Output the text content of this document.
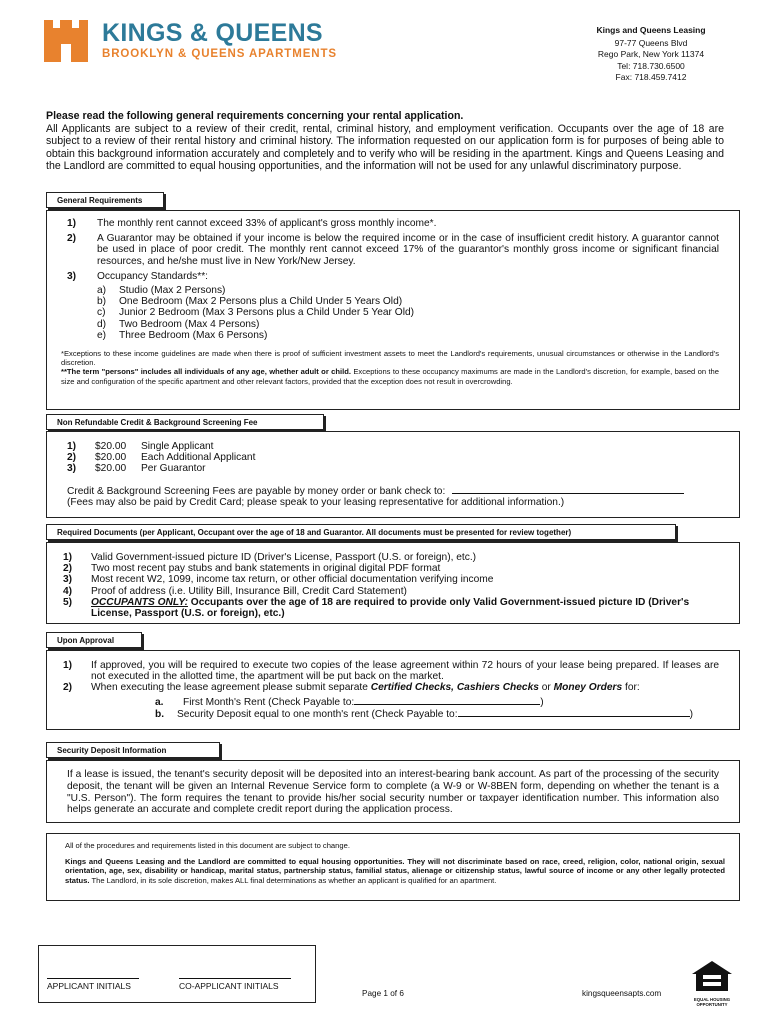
KINGS & QUEENS
BROOKLYN & QUEENS APARTMENTS
Kings and Queens Leasing
97-77 Queens Blvd
Rego Park, New York 11374
Tel: 718.730.6500
Fax: 718.459.7412
Please read the following general requirements concerning your rental application.
All Applicants are subject to a review of their credit, rental, criminal history, and employment verification. Occupants over the age of 18 are subject to a review of their rental history and criminal history. The information requested on our application form is for purposes of being able to obtain this background information accurately and completely and to verify who will be residing in the apartment. Kings and Queens Leasing and the Landlord are committed to equal housing opportunities, and the information will not be used for any unlawful discriminatory purpose.
General Requirements
1)	The monthly rent cannot exceed 33% of applicant's gross monthly income*.
2)	A Guarantor may be obtained if your income is below the required income or in the case of insufficient credit history. A guarantor cannot be used in place of poor credit. The monthly rent cannot exceed 17% of the guarantor's monthly gross income or significant financial resources, and he/she must live in New York/New Jersey.
3)	Occupancy Standards**:
a)	Studio (Max 2 Persons)
b)	One Bedroom (Max 2 Persons plus a Child Under 5 Years Old)
c)	Junior 2 Bedroom (Max 3 Persons plus a Child Under 5 Year Old)
d)	Two Bedroom (Max 4 Persons)
e)	Three Bedroom (Max 6 Persons)
*Exceptions to these income guidelines are made when there is proof of sufficient investment assets to meet the Landlord's requirements, unusual circumstances or otherwise in the Landlord's discretion.
**The term "persons" includes all individuals of any age, whether adult or child. Exceptions to these occupancy maximums are made in the Landlord's discretion, for example, based on the size and configuration of the specific apartment and other relevant factors, provided that the exception does not result in overcrowding.
Non Refundable Credit & Background Screening Fee
1)	$20.00	Single Applicant
2)	$20.00	Each Additional Applicant
3)	$20.00	Per Guarantor
Credit & Background Screening Fees are payable by money order or bank check to:
(Fees may also be paid by Credit Card; please speak to your leasing representative for additional information.)
Required Documents (per Applicant, Occupant over the age of 18 and Guarantor. All documents must be presented for review together)
1)	Valid Government-issued picture ID (Driver's License, Passport (U.S. or foreign), etc.)
2)	Two most recent pay stubs and bank statements in original digital PDF format
3)	Most recent W2, 1099, income tax return, or other official documentation verifying income
4)	Proof of address (i.e. Utility Bill, Insurance Bill, Credit Card Statement)
5)	OCCUPANTS ONLY: Occupants over the age of 18 are required to provide only Valid Government-issued picture ID (Driver's License, Passport (U.S. or foreign), etc.)
Upon Approval
1)	If approved, you will be required to execute two copies of the lease agreement within 72 hours of your lease being prepared. If leases are not executed in the allotted time, the apartment will be put back on the market.
2)	When executing the lease agreement please submit separate Certified Checks, Cashiers Checks or Money Orders for:
a. First Month's Rent (Check Payable to:	)
b. Security Deposit equal to one month's rent (Check Payable to:	)
Security Deposit Information
If a lease is issued, the tenant's security deposit will be deposited into an interest-bearing bank account. As part of the processing of the security deposit, the tenant will be given an Internal Revenue Service form to complete (a W-9 or W-8BEN form, depending on whether the tenant is a "U.S. Person"). The form requires the tenant to provide his/her social security number or taxpayer identification number. This information also helps generate an accurate and complete credit report during the application process.
All of the procedures and requirements listed in this document are subject to change.
Kings and Queens Leasing and the Landlord are committed to equal housing opportunities. They will not discriminate based on race, creed, religion, color, national origin, sexual orientation, age, sex, disability or handicap, marital status, partnership status, familial status, alienage or citizenship status, lawful source of income or any other legally protected status. The Landlord, in its sole discretion, makes ALL final determinations as whether an applicant is qualified for an apartment.
APPLICANT INITIALS	CO-APPLICANT INITIALS
Page 1 of 6	kingsqueensapts.com
EQUAL HOUSING
OPPORTUNITY
